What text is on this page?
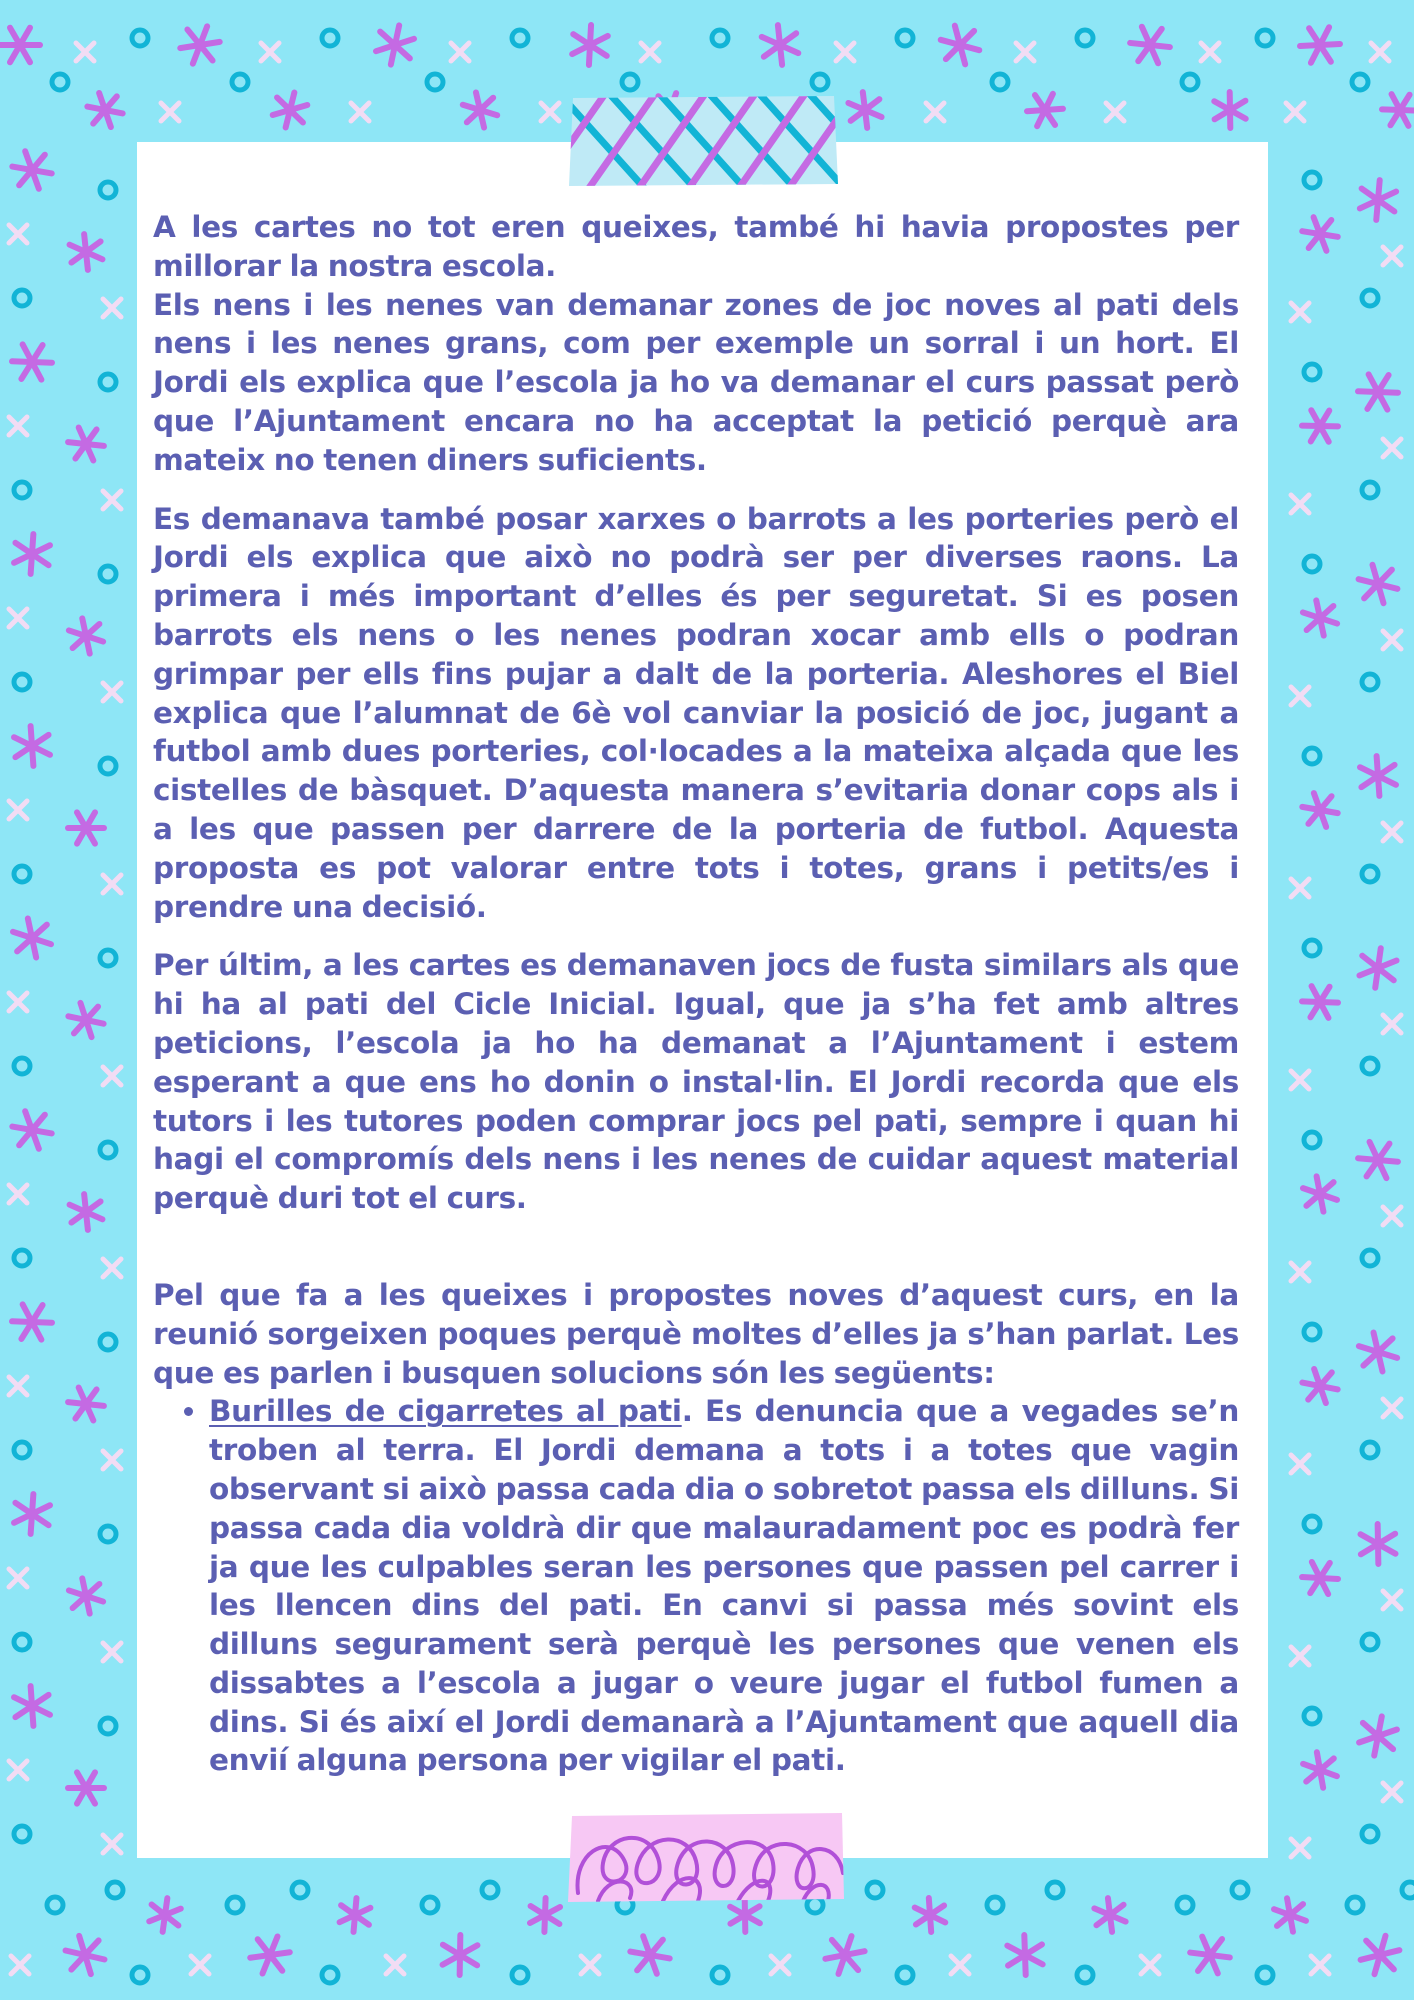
A les cartes no tot eren queixes, també hi havia propostes per millorar la nostra escola.

Els nens i les nenes van demanar zones de joc noves al pati dels nens i les nenes grans, com per exemple un sorral i un hort. El Jordi els explica que l’escola ja ho va demanar el curs passat però que l’Ajuntament encara no ha acceptat la petició perquè ara mateix no tenen diners suficients.

Es demanava també posar xarxes o barrots a les porteries però el Jordi els explica que això no podrà ser per diverses raons. La primera i més important d’elles és per seguretat. Si es posen barrots els nens o les nenes podran xocar amb ells o podran grimpar per ells fins pujar a dalt de la porteria. Aleshores el Biel explica que l’alumnat de 6è vol canviar la posició de joc, jugant a futbol amb dues porteries, col·locades a la mateixa alçada que les cistelles de bàsquet. D’aquesta manera s’evitaria donar cops als i a les que passen per darrere de la porteria de futbol. Aquesta proposta es pot valorar entre tots i totes, grans i petits/es i prendre una decisió.

Per últim, a les cartes es demanaven jocs de fusta similars als que hi ha al pati del Cicle Inicial. Igual, que ja s’ha fet amb altres peticions, l’escola ja ho ha demanat a l’Ajuntament i estem esperant a que ens ho donin o instal·lin. El Jordi recorda que els tutors i les tutores poden comprar jocs pel pati, sempre i quan hi hagi el compromís dels nens i les nenes de cuidar aquest material perquè duri tot el curs.

Pel que fa a les queixes i propostes noves d’aquest curs, en la reunió sorgeixen poques perquè moltes d’elles ja s’han parlat. Les que es parlen i busquen solucions són les següents:

• Burilles de cigarretes al pati. Es denuncia que a vegades se’n troben al terra. El Jordi demana a tots i a totes que vagin observant si això passa cada dia o sobretot passa els dilluns. Si passa cada dia voldrà dir que malauradament poc es podrà fer ja que les culpables seran les persones que passen pel carrer i les llencen dins del pati. En canvi si passa més sovint els dilluns segurament serà perquè les persones que venen els dissabtes a l’escola a jugar o veure jugar el futbol fumen a dins. Si és així el Jordi demanarà a l’Ajuntament que aquell dia envií alguna persona per vigilar el pati.
